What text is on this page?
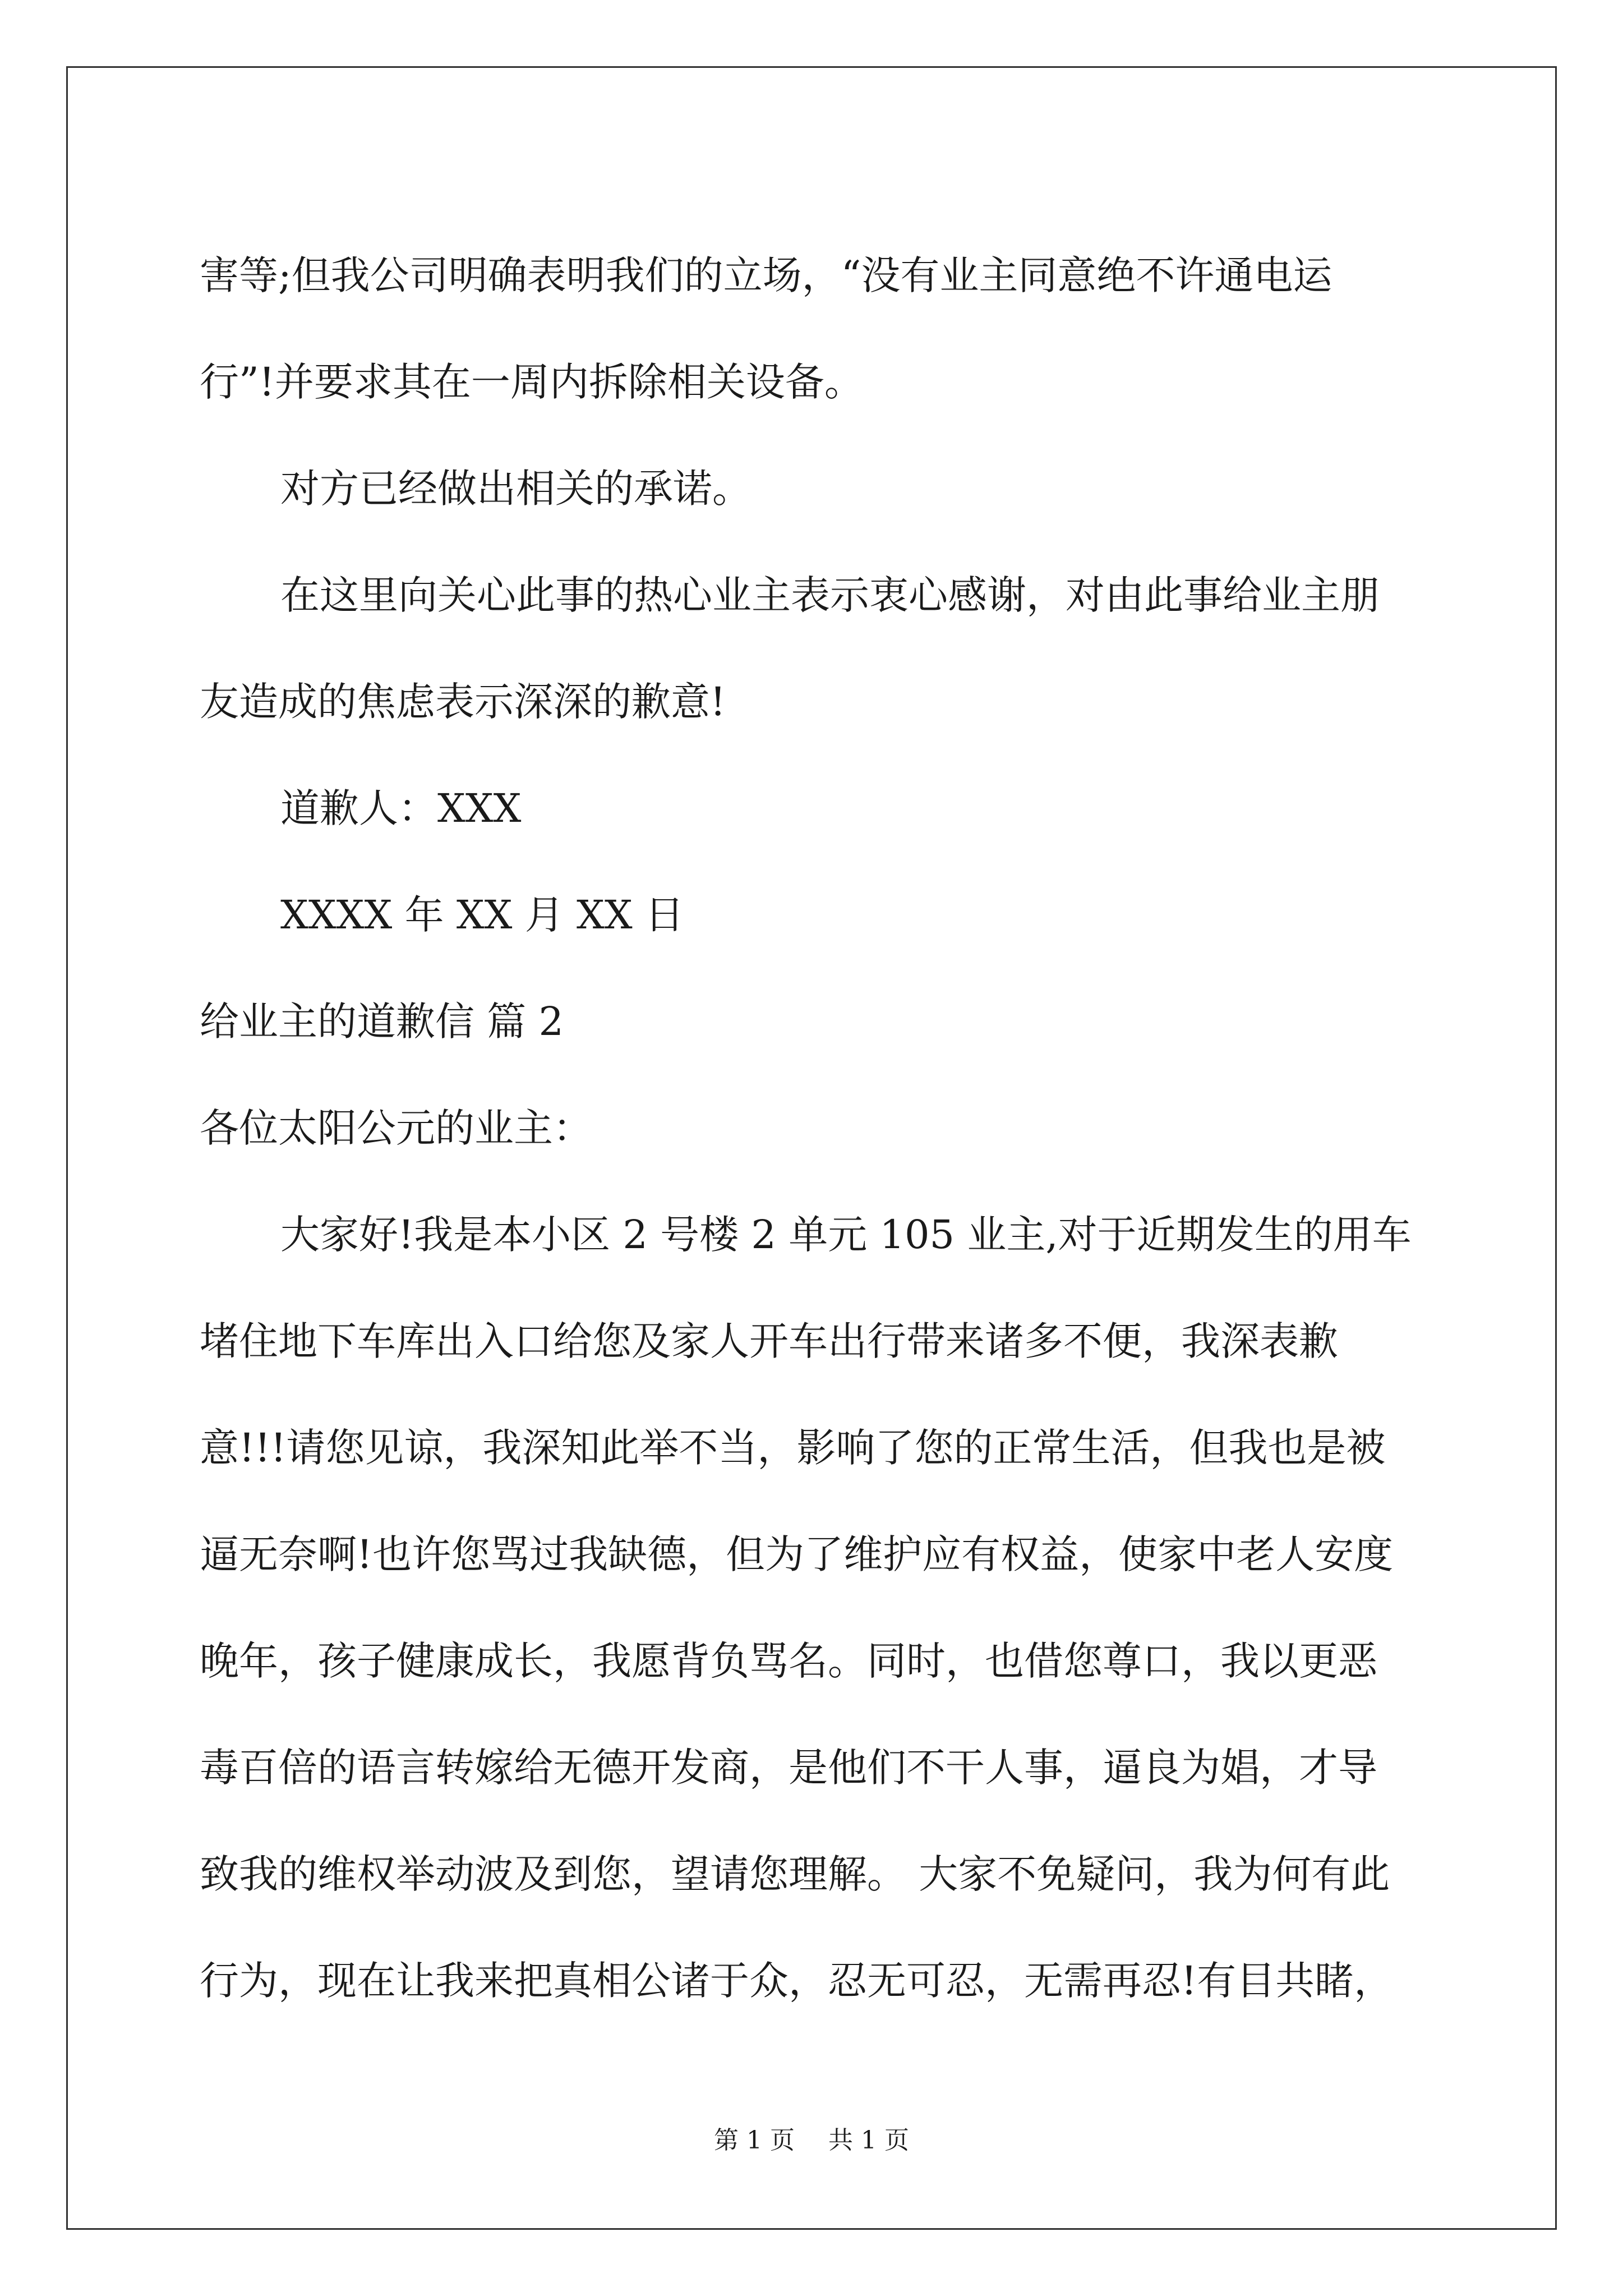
害等;但我公司明确表明我们的立场，“没有业主同意绝不许通电运

行”!并要求其在一周内拆除相关设备。

对方已经做出相关的承诺。

在这里向关心此事的热心业主表示衷心感谢，对由此事给业主朋

友造成的焦虑表示深深的歉意!

道歉人：XXX

XXXX 年 XX 月 XX 日

给业主的道歉信 篇 2

各位太阳公元的业主：

大家好!我是本小区 2 号楼 2 单元 105 业主,对于近期发生的用车

堵住地下车库出入口给您及家人开车出行带来诸多不便，我深表歉

意!!!请您见谅，我深知此举不当，影响了您的正常生活，但我也是被

逼无奈啊!也许您骂过我缺德，但为了维护应有权益，使家中老人安度

晚年，孩子健康成长，我愿背负骂名。同时，也借您尊口，我以更恶

毒百倍的语言转嫁给无德开发商，是他们不干人事，逼良为娼，才导

致我的维权举动波及到您，望请您理解。 大家不免疑问，我为何有此

行为，现在让我来把真相公诸于众，忍无可忍，无需再忍!有目共睹，

第 1 页 共 1 页
